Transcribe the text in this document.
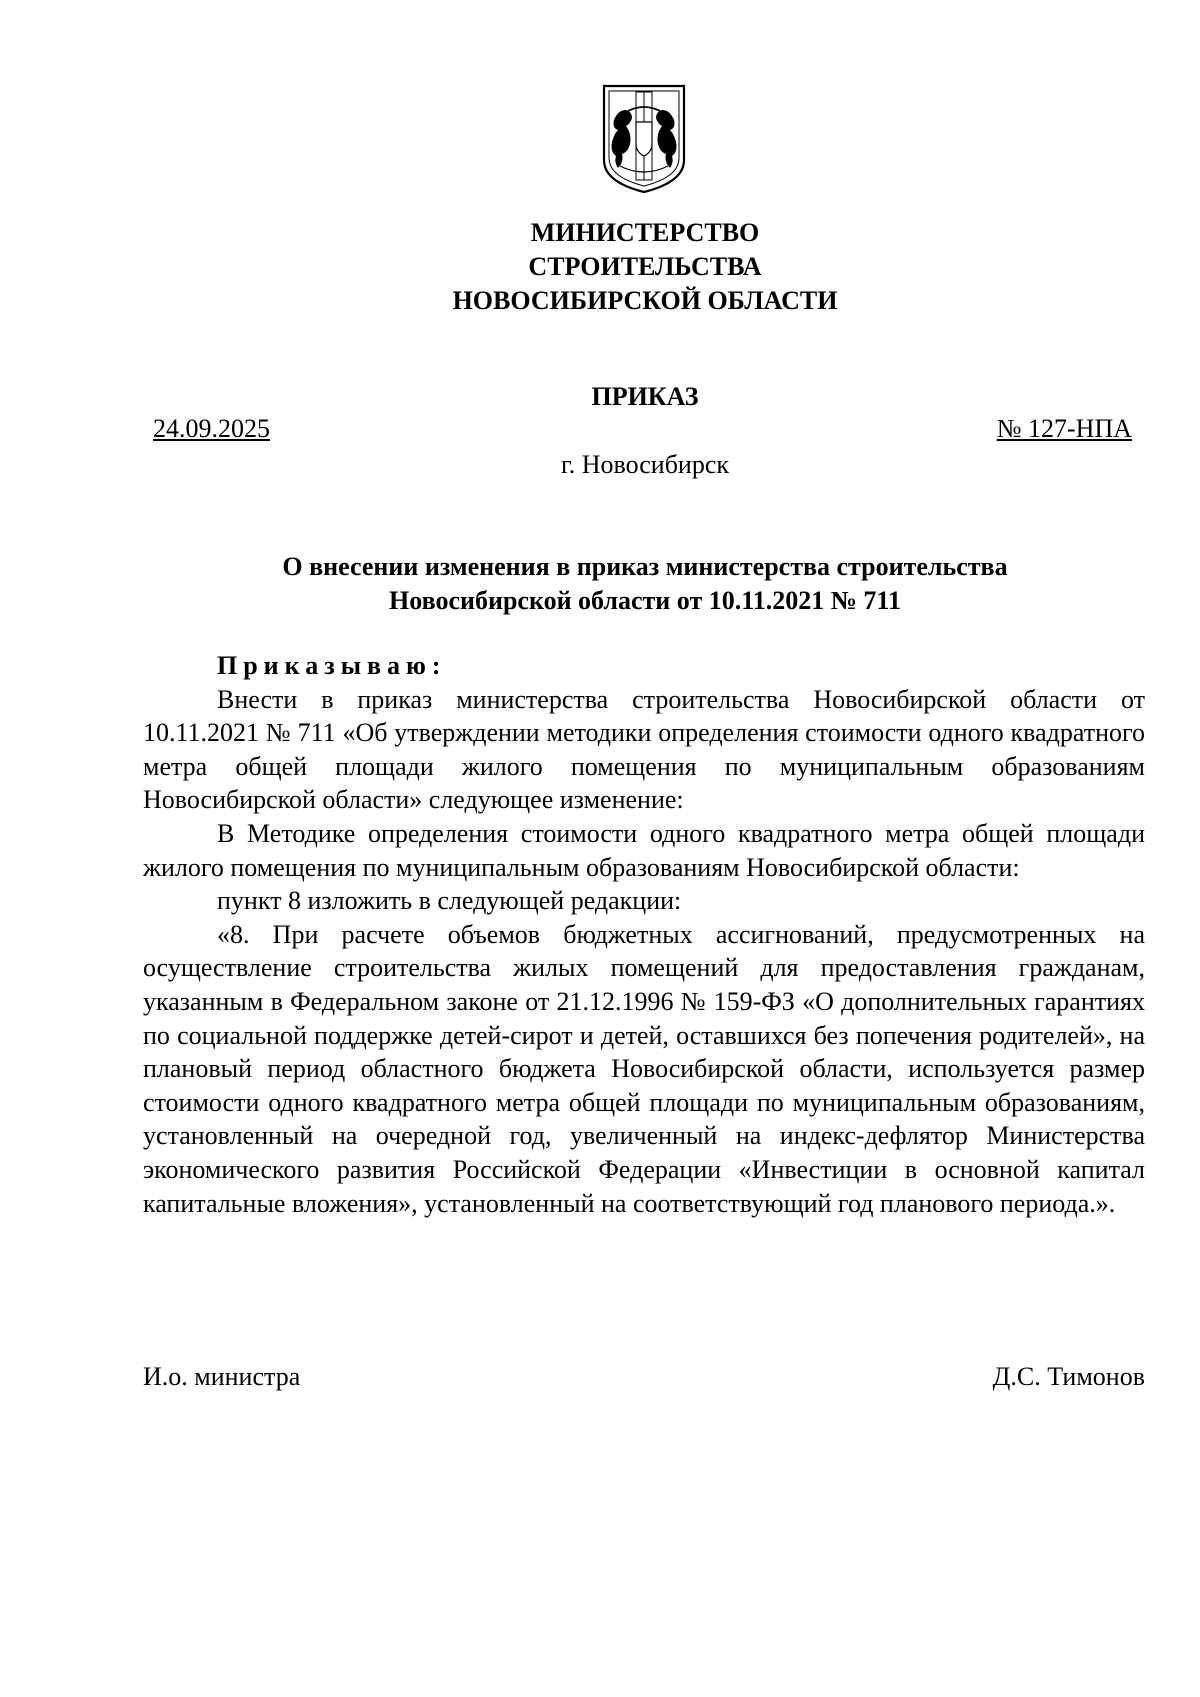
МИНИСТЕРСТВО
СТРОИТЕЛЬСТВА
НОВОСИБИРСКОЙ ОБЛАСТИ
ПРИКАЗ
24.09.2025	№ 127-НПА
г. Новосибирск
О внесении изменения в приказ министерства строительства
Новосибирской области от 10.11.2021 № 711

Приказываю:

Внести в приказ министерства строительства Новосибирской области от 10.11.2021 № 711 «Об утверждении методики определения стоимости одного квадратного метра общей площади жилого помещения по муниципальным образованиям Новосибирской области» следующее изменение:

В Методике определения стоимости одного квадратного метра общей площади жилого помещения по муниципальным образованиям Новосибирской области:

пункт 8 изложить в следующей редакции:

«8. При расчете объемов бюджетных ассигнований, предусмотренных на осуществление строительства жилых помещений для предоставления гражданам, указанным в Федеральном законе от 21.12.1996 № 159-ФЗ «О дополнительных гарантиях по социальной поддержке детей-сирот и детей, оставшихся без попечения родителей», на плановый период областного бюджета Новосибирской области, используется размер стоимости одного квадратного метра общей площади по муниципальным образованиям, установленный на очередной год, увеличенный на индекс-дефлятор Министерства экономического развития Российской Федерации «Инвестиции в основной капитал капитальные вложения», установленный на соответствующий год планового периода.».

И.о. министра	Д.С. Тимонов
